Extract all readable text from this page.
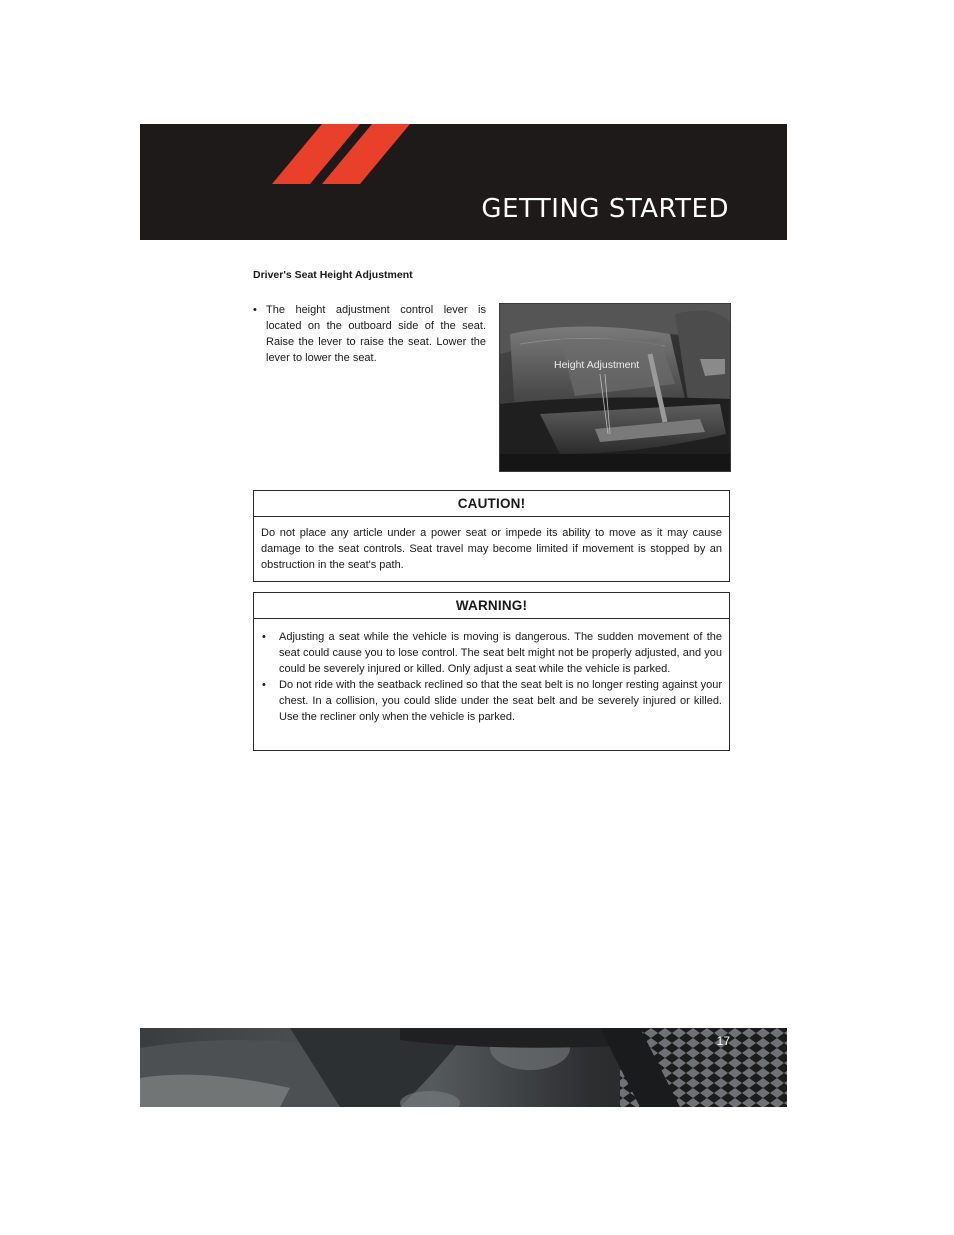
GETTING STARTED
Driver's Seat Height Adjustment
• The height adjustment control lever is located on the outboard side of the seat. Raise the lever to raise the seat. Lower the lever to lower the seat.
Height Adjustment
CAUTION!
Do not place any article under a power seat or impede its ability to move as it may cause damage to the seat controls. Seat travel may become limited if movement is stopped by an obstruction in the seat's path.
WARNING!
• Adjusting a seat while the vehicle is moving is dangerous. The sudden movement of the seat could cause you to lose control. The seat belt might not be properly adjusted, and you could be severely injured or killed. Only adjust a seat while the vehicle is parked.
• Do not ride with the seatback reclined so that the seat belt is no longer resting against your chest. In a collision, you could slide under the seat belt and be severely injured or killed. Use the recliner only when the vehicle is parked.
17
